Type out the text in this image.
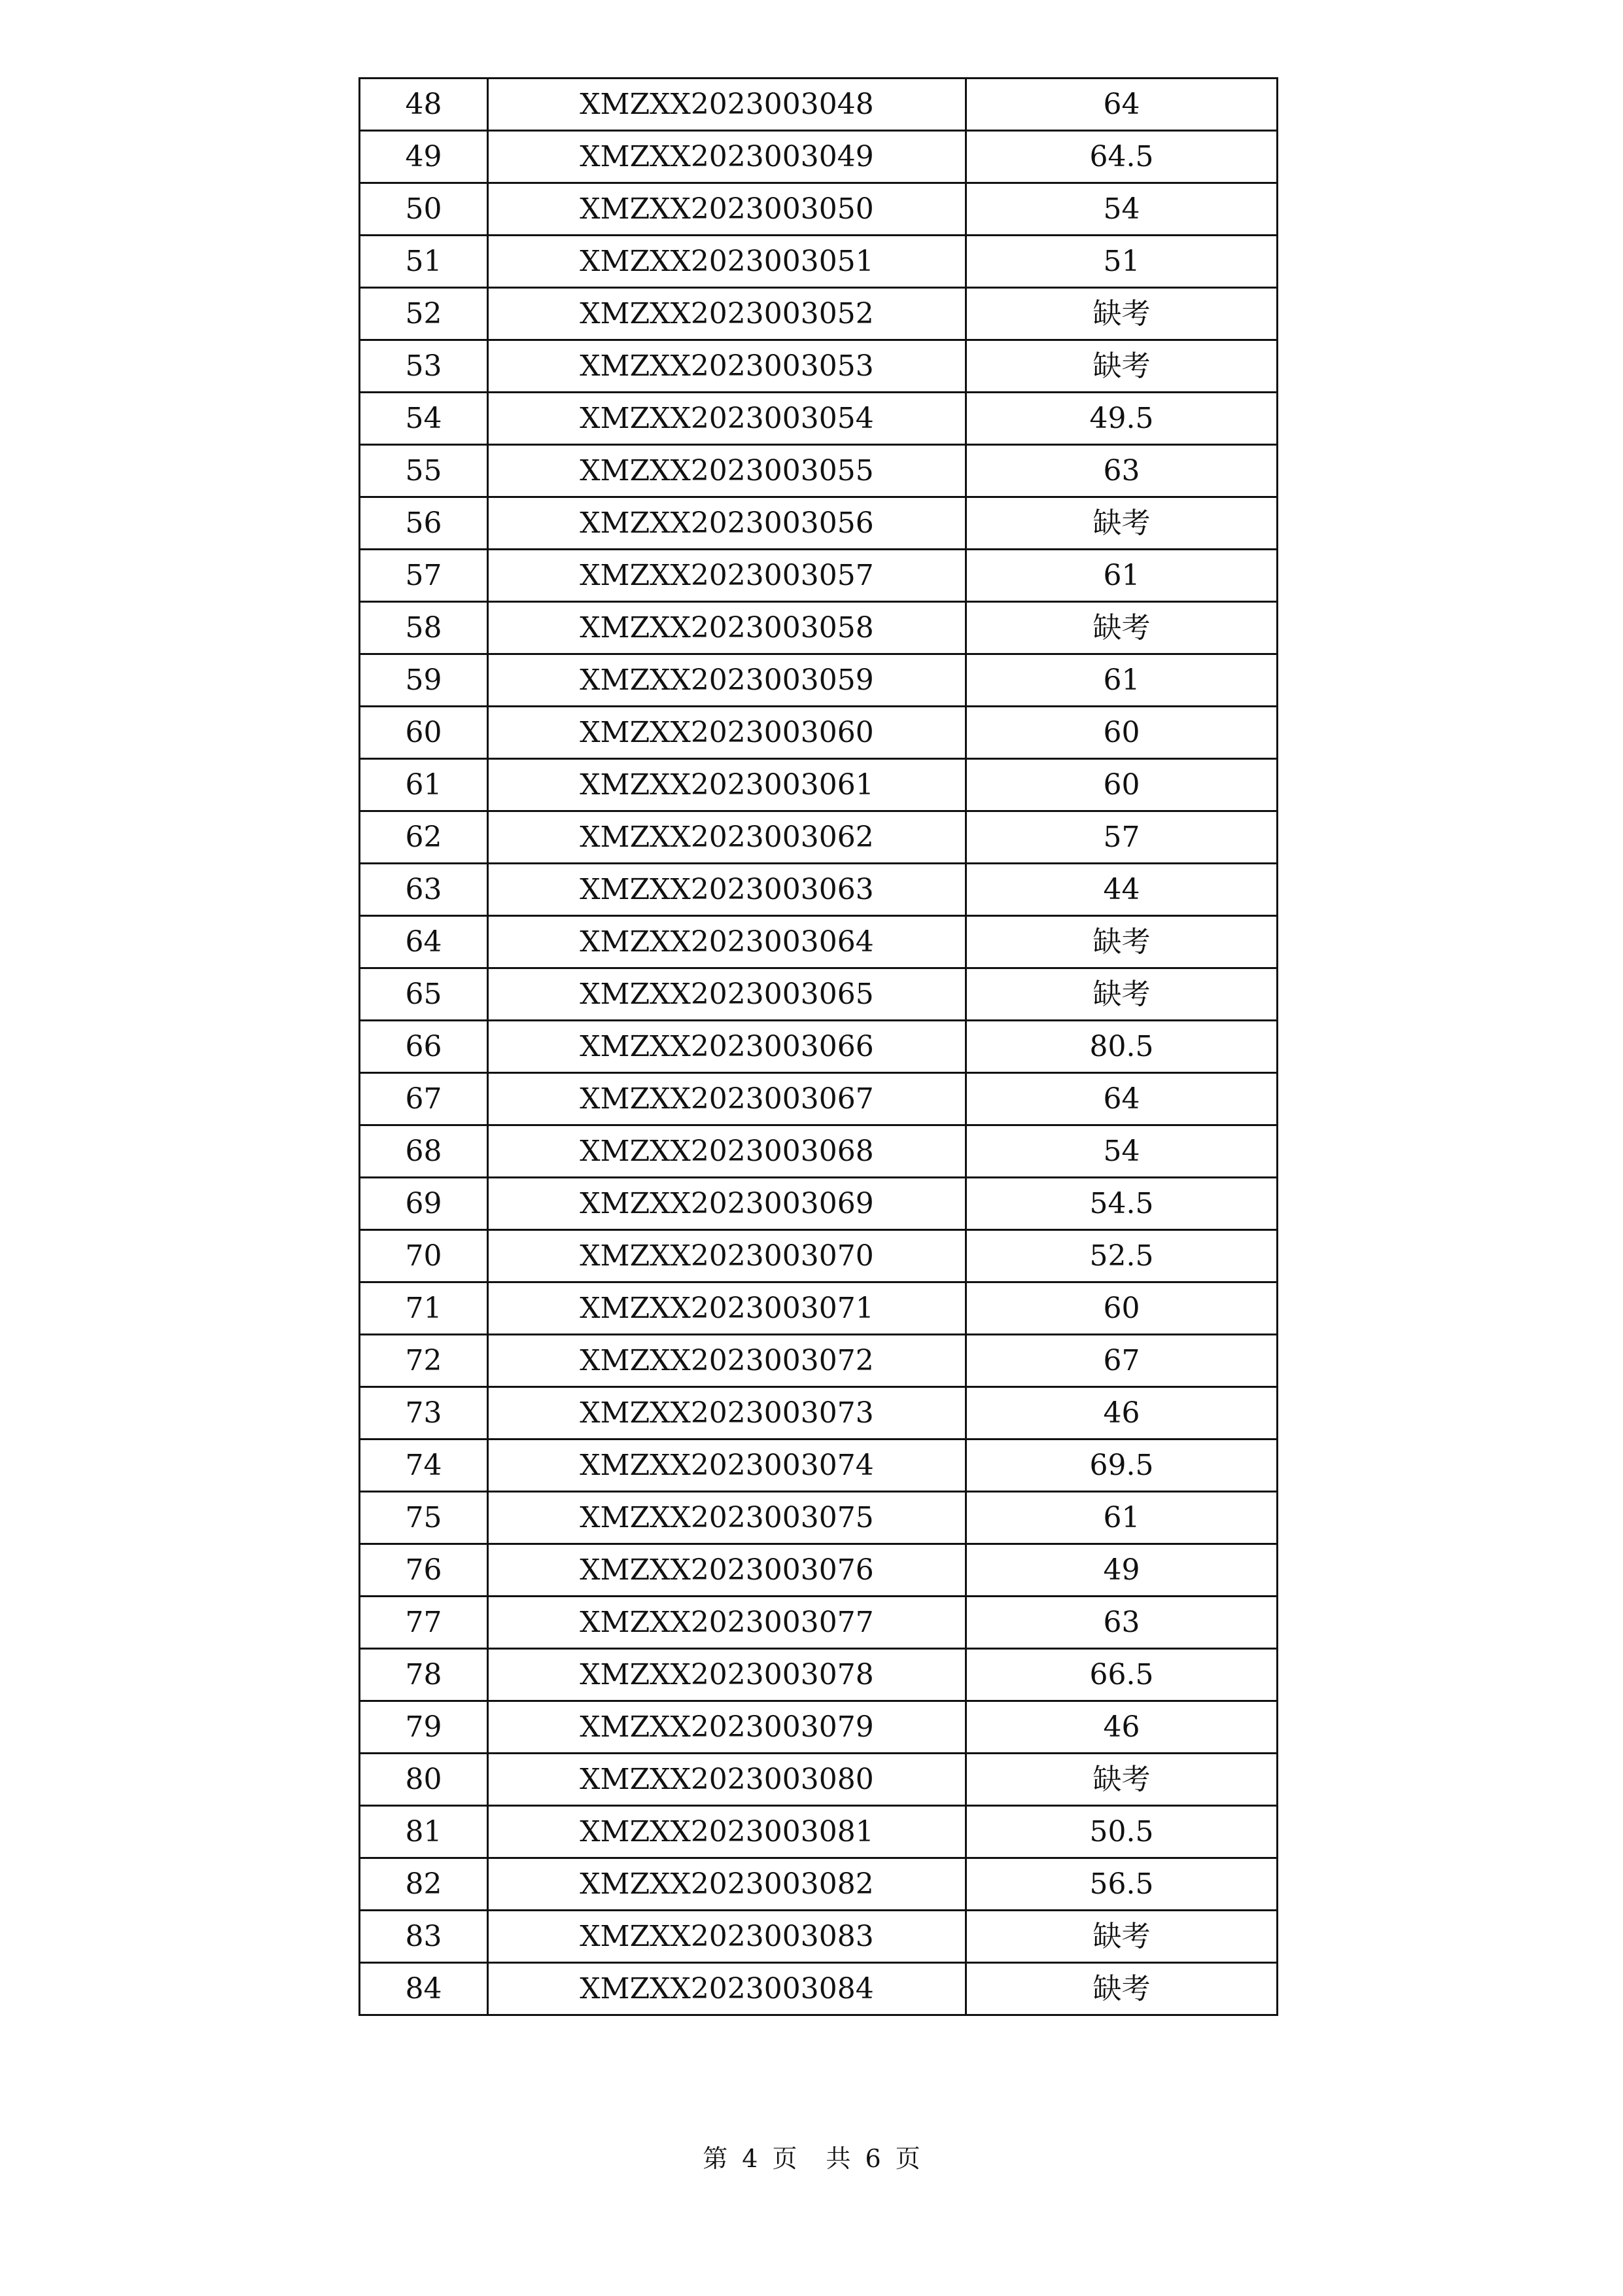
48	XMZXX2023003048	64
49	XMZXX2023003049	64.5
50	XMZXX2023003050	54
51	XMZXX2023003051	51
52	XMZXX2023003052	缺考
53	XMZXX2023003053	缺考
54	XMZXX2023003054	49.5
55	XMZXX2023003055	63
56	XMZXX2023003056	缺考
57	XMZXX2023003057	61
58	XMZXX2023003058	缺考
59	XMZXX2023003059	61
60	XMZXX2023003060	60
61	XMZXX2023003061	60
62	XMZXX2023003062	57
63	XMZXX2023003063	44
64	XMZXX2023003064	缺考
65	XMZXX2023003065	缺考
66	XMZXX2023003066	80.5
67	XMZXX2023003067	64
68	XMZXX2023003068	54
69	XMZXX2023003069	54.5
70	XMZXX2023003070	52.5
71	XMZXX2023003071	60
72	XMZXX2023003072	67
73	XMZXX2023003073	46
74	XMZXX2023003074	69.5
75	XMZXX2023003075	61
76	XMZXX2023003076	49
77	XMZXX2023003077	63
78	XMZXX2023003078	66.5
79	XMZXX2023003079	46
80	XMZXX2023003080	缺考
81	XMZXX2023003081	50.5
82	XMZXX2023003082	56.5
83	XMZXX2023003083	缺考
84	XMZXX2023003084	缺考
第 4 页 共 6 页
